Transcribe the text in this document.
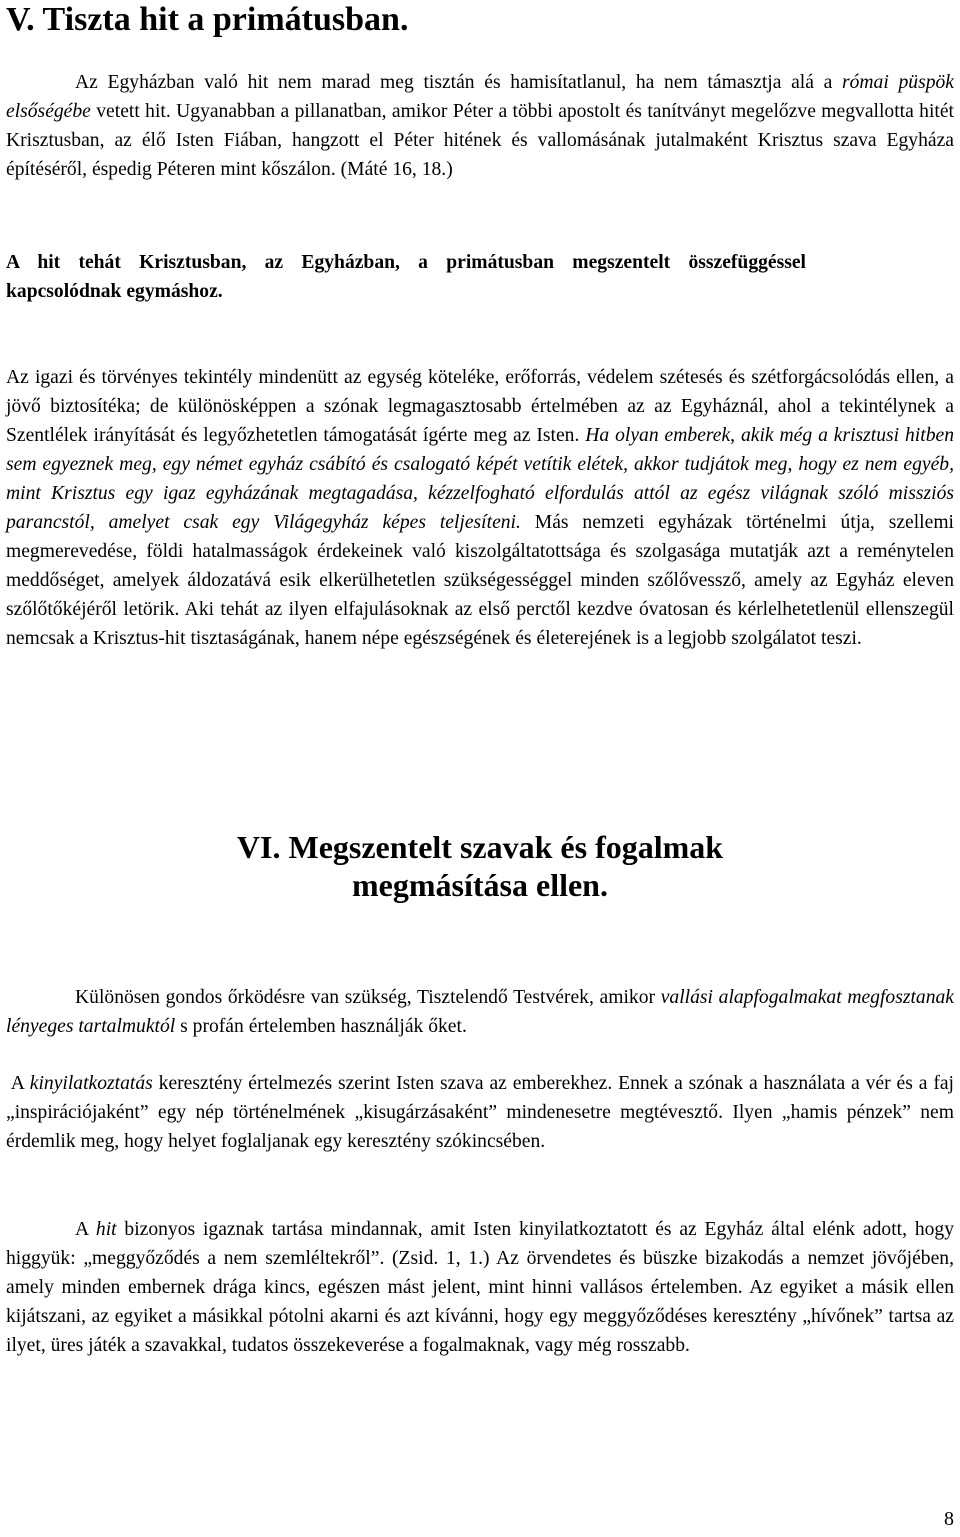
V. Tiszta hit a primátusban.

Az Egyházban való hit nem marad meg tisztán és hamisítatlanul, ha nem támasztja alá a római püspök elsőségébe vetett hit. Ugyanabban a pillanatban, amikor Péter a többi apostolt és tanítványt megelőzve megvallotta hitét Krisztusban, az élő Isten Fiában, hangzott el Péter hitének és vallomásának jutalmaként Krisztus szava Egyháza építéséről, éspedig Péteren mint kőszálon. (Máté 16, 18.)

A hit tehát Krisztusban, az Egyházban, a primátusban megszentelt összefüggéssel kapcsolódnak egymáshoz.

Az igazi és törvényes tekintély mindenütt az egység köteléke, erőforrás, védelem szétesés és szétforgácsolódás ellen, a jövő biztosítéka; de különösképpen a szónak legmagasztosabb értelmében az az Egyháznál, ahol a tekintélynek a Szentlélek irányítását és legyőzhetetlen támogatását ígérte meg az Isten. Ha olyan emberek, akik még a krisztusi hitben sem egyeznek meg, egy német egyház csábító és csalogató képét vetítik elétek, akkor tudjátok meg, hogy ez nem egyéb, mint Krisztus egy igaz egyházának megtagadása, kézzelfogható elfordulás attól az egész világnak szóló missziós parancstól, amelyet csak egy Világegyház képes teljesíteni. Más nemzeti egyházak történelmi útja, szellemi megmerevedése, földi hatalmasságok érdekeinek való kiszolgáltatottsága és szolgasága mutatják azt a reménytelen meddőséget, amelyek áldozatává esik elkerülhetetlen szükségességgel minden szőlővessző, amely az Egyház eleven szőlőtőkéjéről letörik. Aki tehát az ilyen elfajulásoknak az első perctől kezdve óvatosan és kérlelhetetlenül ellenszegül nemcsak a Krisztus-hit tisztaságának, hanem népe egészségének és életerejének is a legjobb szolgálatot teszi.

VI. Megszentelt szavak és fogalmak
megmásítása ellen.

Különösen gondos őrködésre van szükség, Tisztelendő Testvérek, amikor vallási alapfogalmakat megfosztanak lényeges tartalmuktól s profán értelemben használják őket.

A kinyilatkoztatás keresztény értelmezés szerint Isten szava az emberekhez. Ennek a szónak a használata a vér és a faj „inspirációjaként” egy nép történelmének „kisugárzásaként” mindenesetre megtévesztő. Ilyen „hamis pénzek” nem érdemlik meg, hogy helyet foglaljanak egy keresztény szókincsében.

A hit bizonyos igaznak tartása mindannak, amit Isten kinyilatkoztatott és az Egyház által elénk adott, hogy higgyük: „meggyőződés a nem szemléltekről”. (Zsid. 1, 1.) Az örvendetes és büszke bizakodás a nemzet jövőjében, amely minden embernek drága kincs, egészen mást jelent, mint hinni vallásos értelemben. Az egyiket a másik ellen kijátszani, az egyiket a másikkal pótolni akarni és azt kívánni, hogy egy meggyőződéses keresztény „hívőnek” tartsa az ilyet, üres játék a szavakkal, tudatos összekeverése a fogalmaknak, vagy még rosszabb.

8
